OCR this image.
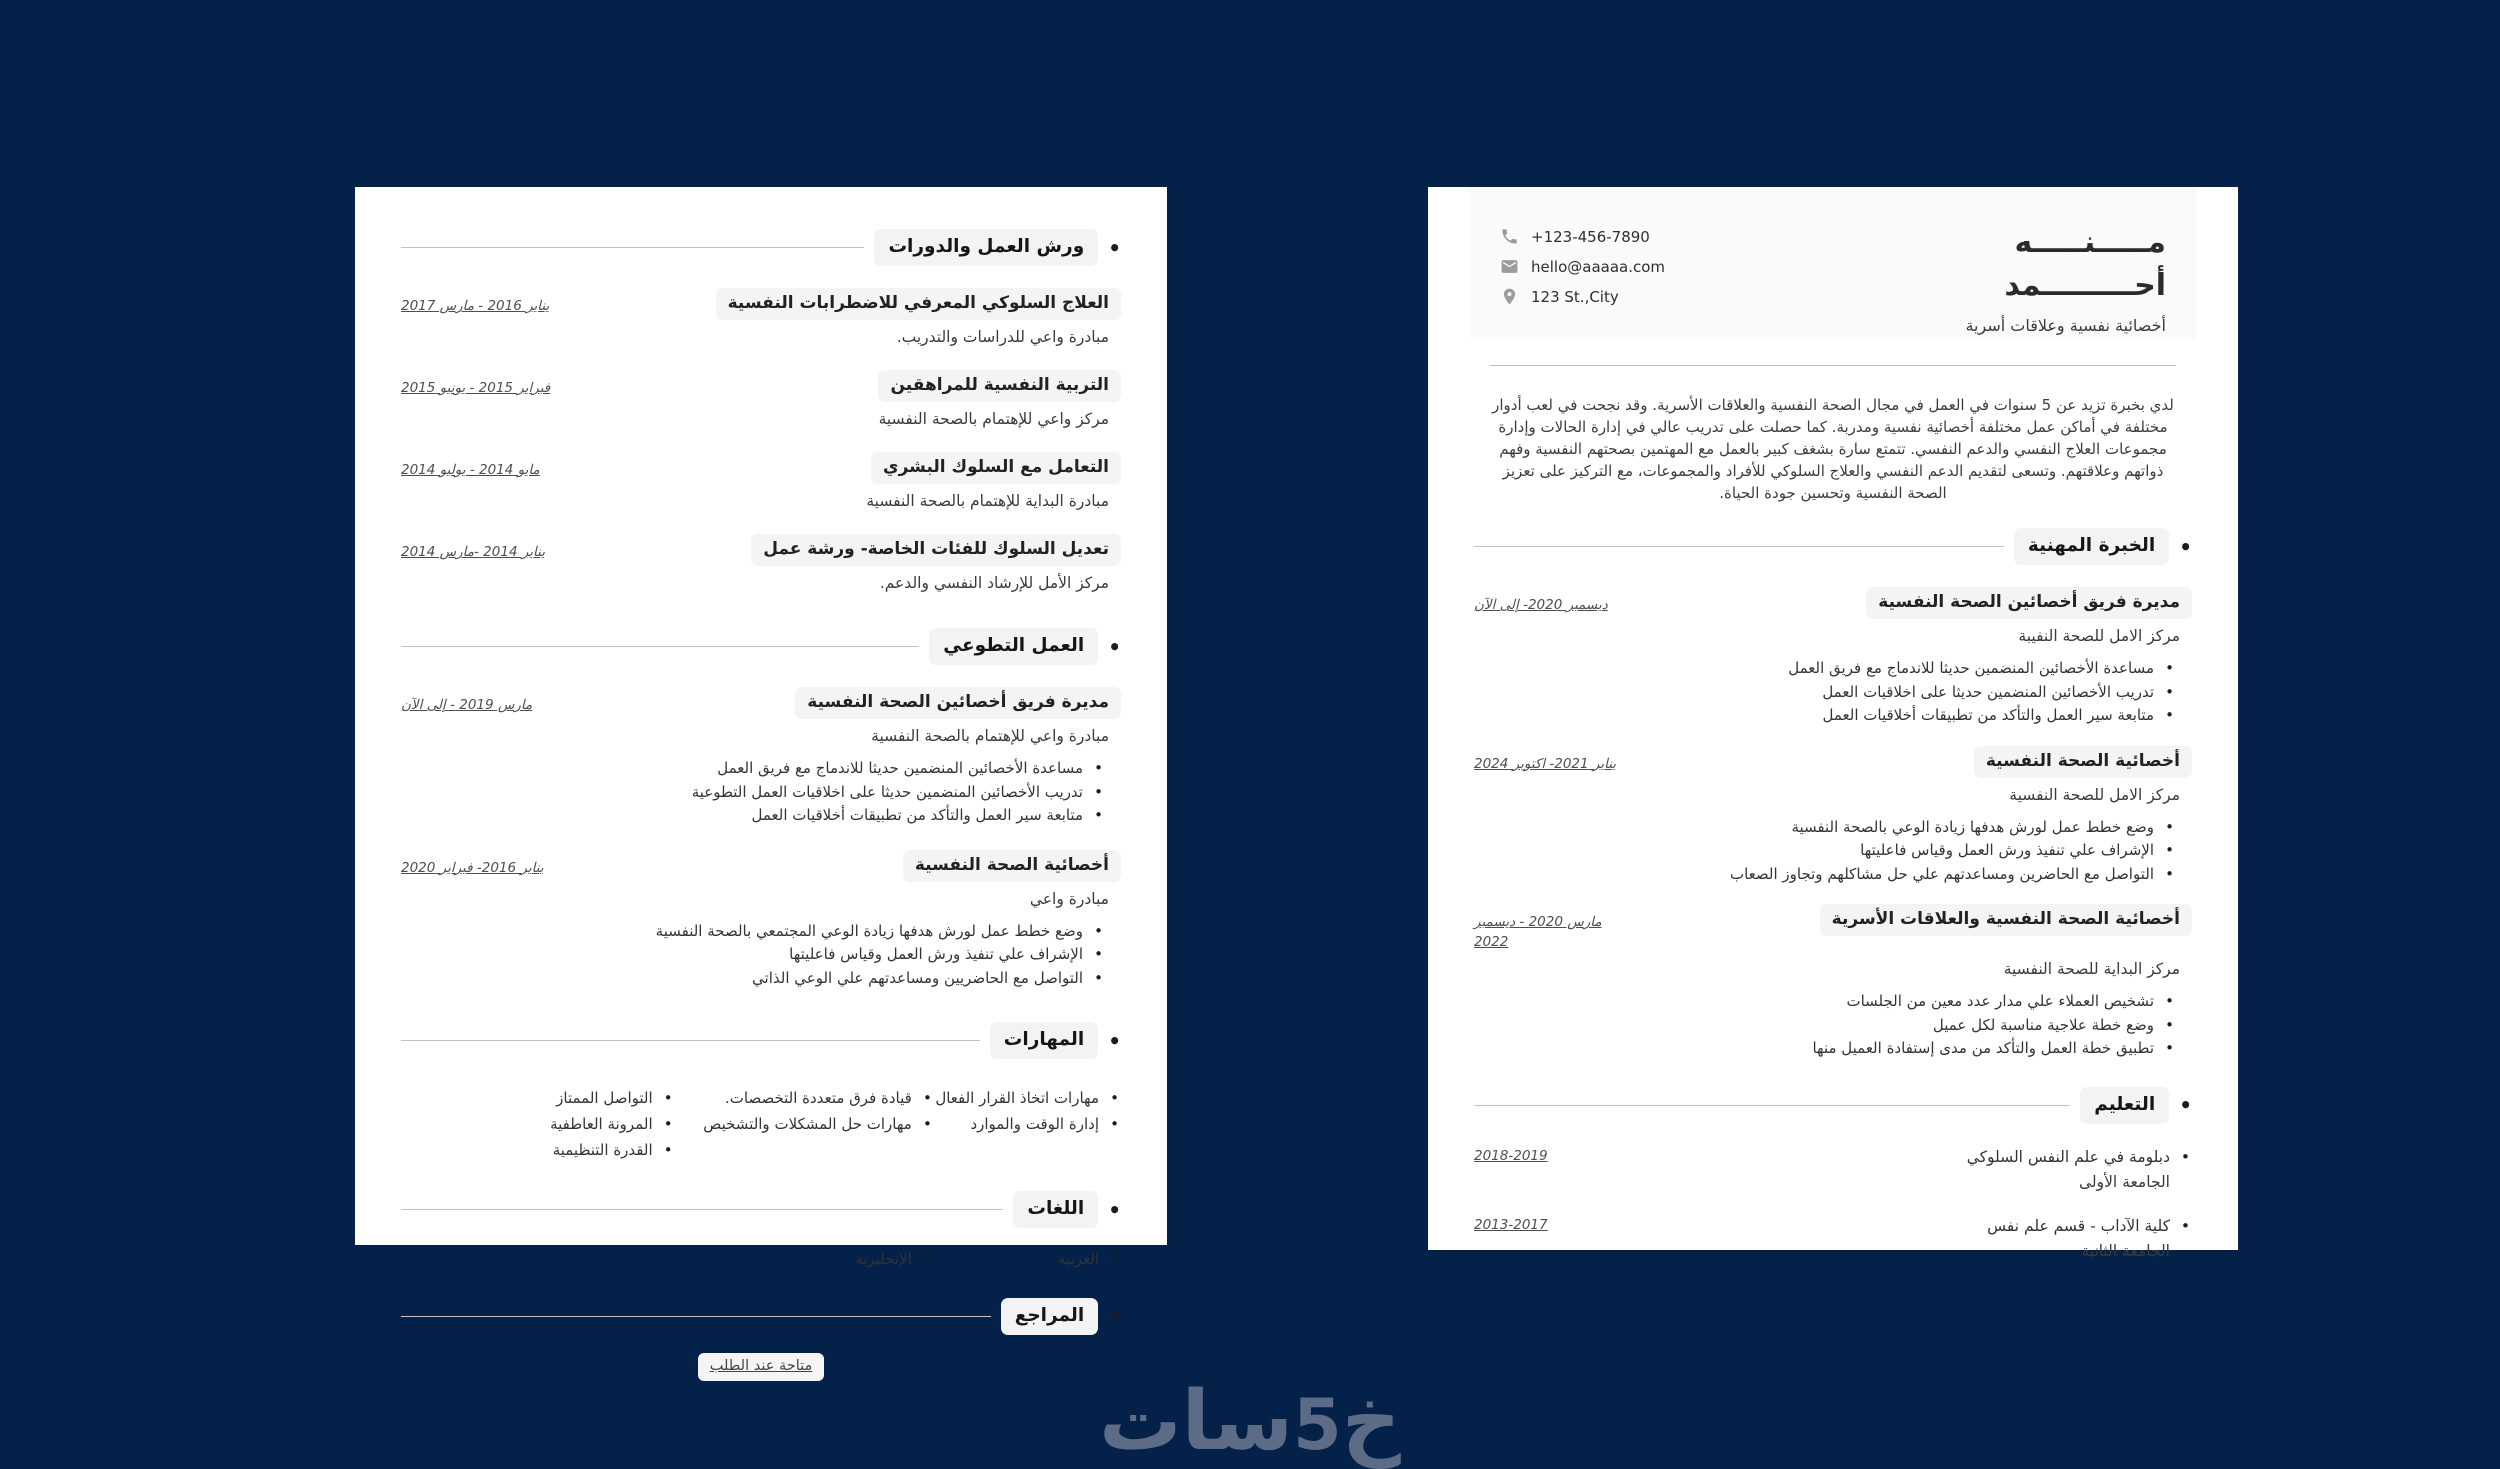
•
ورش العمل والدورات
العلاج السلوكي المعرفي للاضطرابات النفسية
يناير 2016 - مارس 2017
مبادرة واعي للدراسات والتدريب.
التربية النفسية للمراهقين
فبراير 2015 - يونيو 2015
مركز واعي للإهتمام بالصحة النفسية
التعامل مع السلوك البشري
مايو 2014 - يوليو 2014
مبادرة البداية للإهتمام بالصحة النفسية
تعديل السلوك للفئات الخاصة- ورشة عمل
يناير 2014 -مارس 2014
مركز الأمل للإرشاد النفسي والدعم.
•
العمل التطوعي
مديرة فريق أخصائين الصحة النفسية
مارس 2019 - إلى الآن
مبادرة واعي للإهتمام بالصحة النفسية
• مساعدة الأخصائين المنضمين حديثا للاندماج مع فريق العمل
• تدريب الأخصائين المنضمين حديثا على اخلاقيات العمل التطوعية
• متابعة سير العمل والتأكد من تطبيقات أخلاقيات العمل
أخصائية الصحة النفسية
يناير 2016- فبراير 2020
مبادرة واعي
• وضع خطط عمل لورش هدفها زيادة الوعي المجتمعي بالصحة النفسية
• الإشراف علي تنفيذ ورش العمل وقياس فاعليتها
• التواصل مع الحاضريين ومساعدتهم علي الوعي الذاتي
•
المهارات
• مهارات اتخاذ القرار الفعال
• إدارة الوقت والموارد
• قيادة فرق متعددة التخصصات.
• مهارات حل المشكلات والتشخيص
• التواصل الممتاز
• المرونة العاطفية
• القدرة التنظيمية
•
اللغات
• العربية
• الإنجليزية
•
المراجع
متاحة عند الطلب
مـــــنـــــه
أحـــــــــمد
أخصائية نفسية وعلاقات أسرية
+123-456-7890
hello@aaaaa.com
123 St.,City

لدي بخبرة تزيد عن 5 سنوات في العمل في مجال الصحة النفسية والعلاقات الأسرية. وقد نجحت في لعب أدوار مختلفة في أماكن عمل مختلفة أخصائية نفسية ومدربة. كما حصلت على تدريب عالي في إدارة الحالات وإدارة مجموعات العلاج النفسي والدعم النفسي. تتمتع سارة بشغف كبير بالعمل مع المهتمين بصحتهم النفسية وفهم ذواتهم وعلاقتهم. وتسعى لتقديم الدعم النفسي والعلاج السلوكي للأفراد والمجموعات، مع التركيز على تعزيز الصحة النفسية وتحسين جودة الحياة.

•
الخبرة المهنية
مديرة فريق أخصائين الصحة النفسية
ديسمبر 2020- إلى الآن
مركز الامل للصحة النفيبة
• مساعدة الأخصائين المنضمين حديثا للاندماج مع فريق العمل
• تدريب الأخصائين المنضمين حديثا على اخلاقيات العمل
• متابعة سير العمل والتأكد من تطبيقات أخلاقيات العمل
أخصائية الصحة النفسية
يناير 2021- اكتوبر 2024
مركز الامل للصحة النفسية
• وضع خطط عمل لورش هدفها زيادة الوعي بالصحة النفسية
• الإشراف علي تنفيذ ورش العمل وقياس فاعليتها
• التواصل مع الحاضرين ومساعدتهم علي حل مشاكلهم وتجاوز الصعاب
أخصائية الصحة النفسية والعلاقات الأسرية
مارس 2020 - ديسمبر 2022
مركز البداية للصحة النفسية
• تشخيص العملاء علي مدار عدد معين من الجلسات
• وضع خطة علاجية مناسبة لكل عميل
• تطبيق خطة العمل والتأكد من مدى إستفادة العميل منها
•
التعليم
• دبلومة في علم النفس السلوكي
الجامعة الأولى
2018-2019
• كلية الآداب - قسم علم نفس
الجامعة الثانية
2013-2017
خ5سات
